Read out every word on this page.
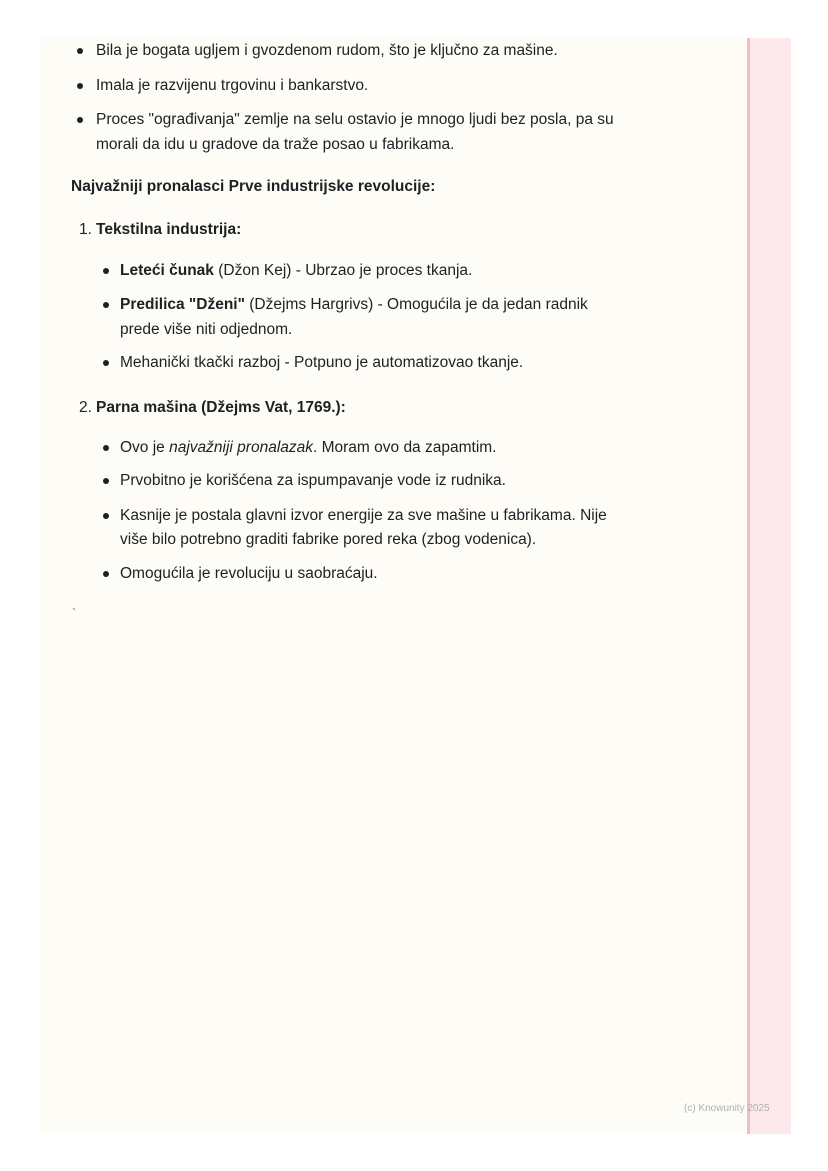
Bila je bogata ugljem i gvozdenom rudom, što je ključno za mašine.
Imala je razvijenu trgovinu i bankarstvo.
Proces "ograđivanja" zemlje na selu ostavio je mnogo ljudi bez posla, pa su
morali da idu u gradove da traže posao u fabrikama.
Najvažniji pronalasci Prve industrijske revolucije:
1. Tekstilna industrija:
Leteći čunak (Džon Kej) - Ubrzao je proces tkanja.
Predilica "Dženi" (Džejms Hargrivs) - Omogućila je da jedan radnik
prede više niti odjednom.
Mehanički tkački razboj - Potpuno je automatizovao tkanje.
2. Parna mašina (Džejms Vat, 1769.):
Ovo je najvažniji pronalazak. Moram ovo da zapamtim.
Prvobitno je korišćena za ispumpavanje vode iz rudnika.
Kasnije je postala glavni izvor energije za sve mašine u fabrikama. Nije
više bilo potrebno graditi fabrike pored reka (zbog vodenica).
Omogućila je revoluciju u saobraćaju.
`
(c) Knowunity 2025
